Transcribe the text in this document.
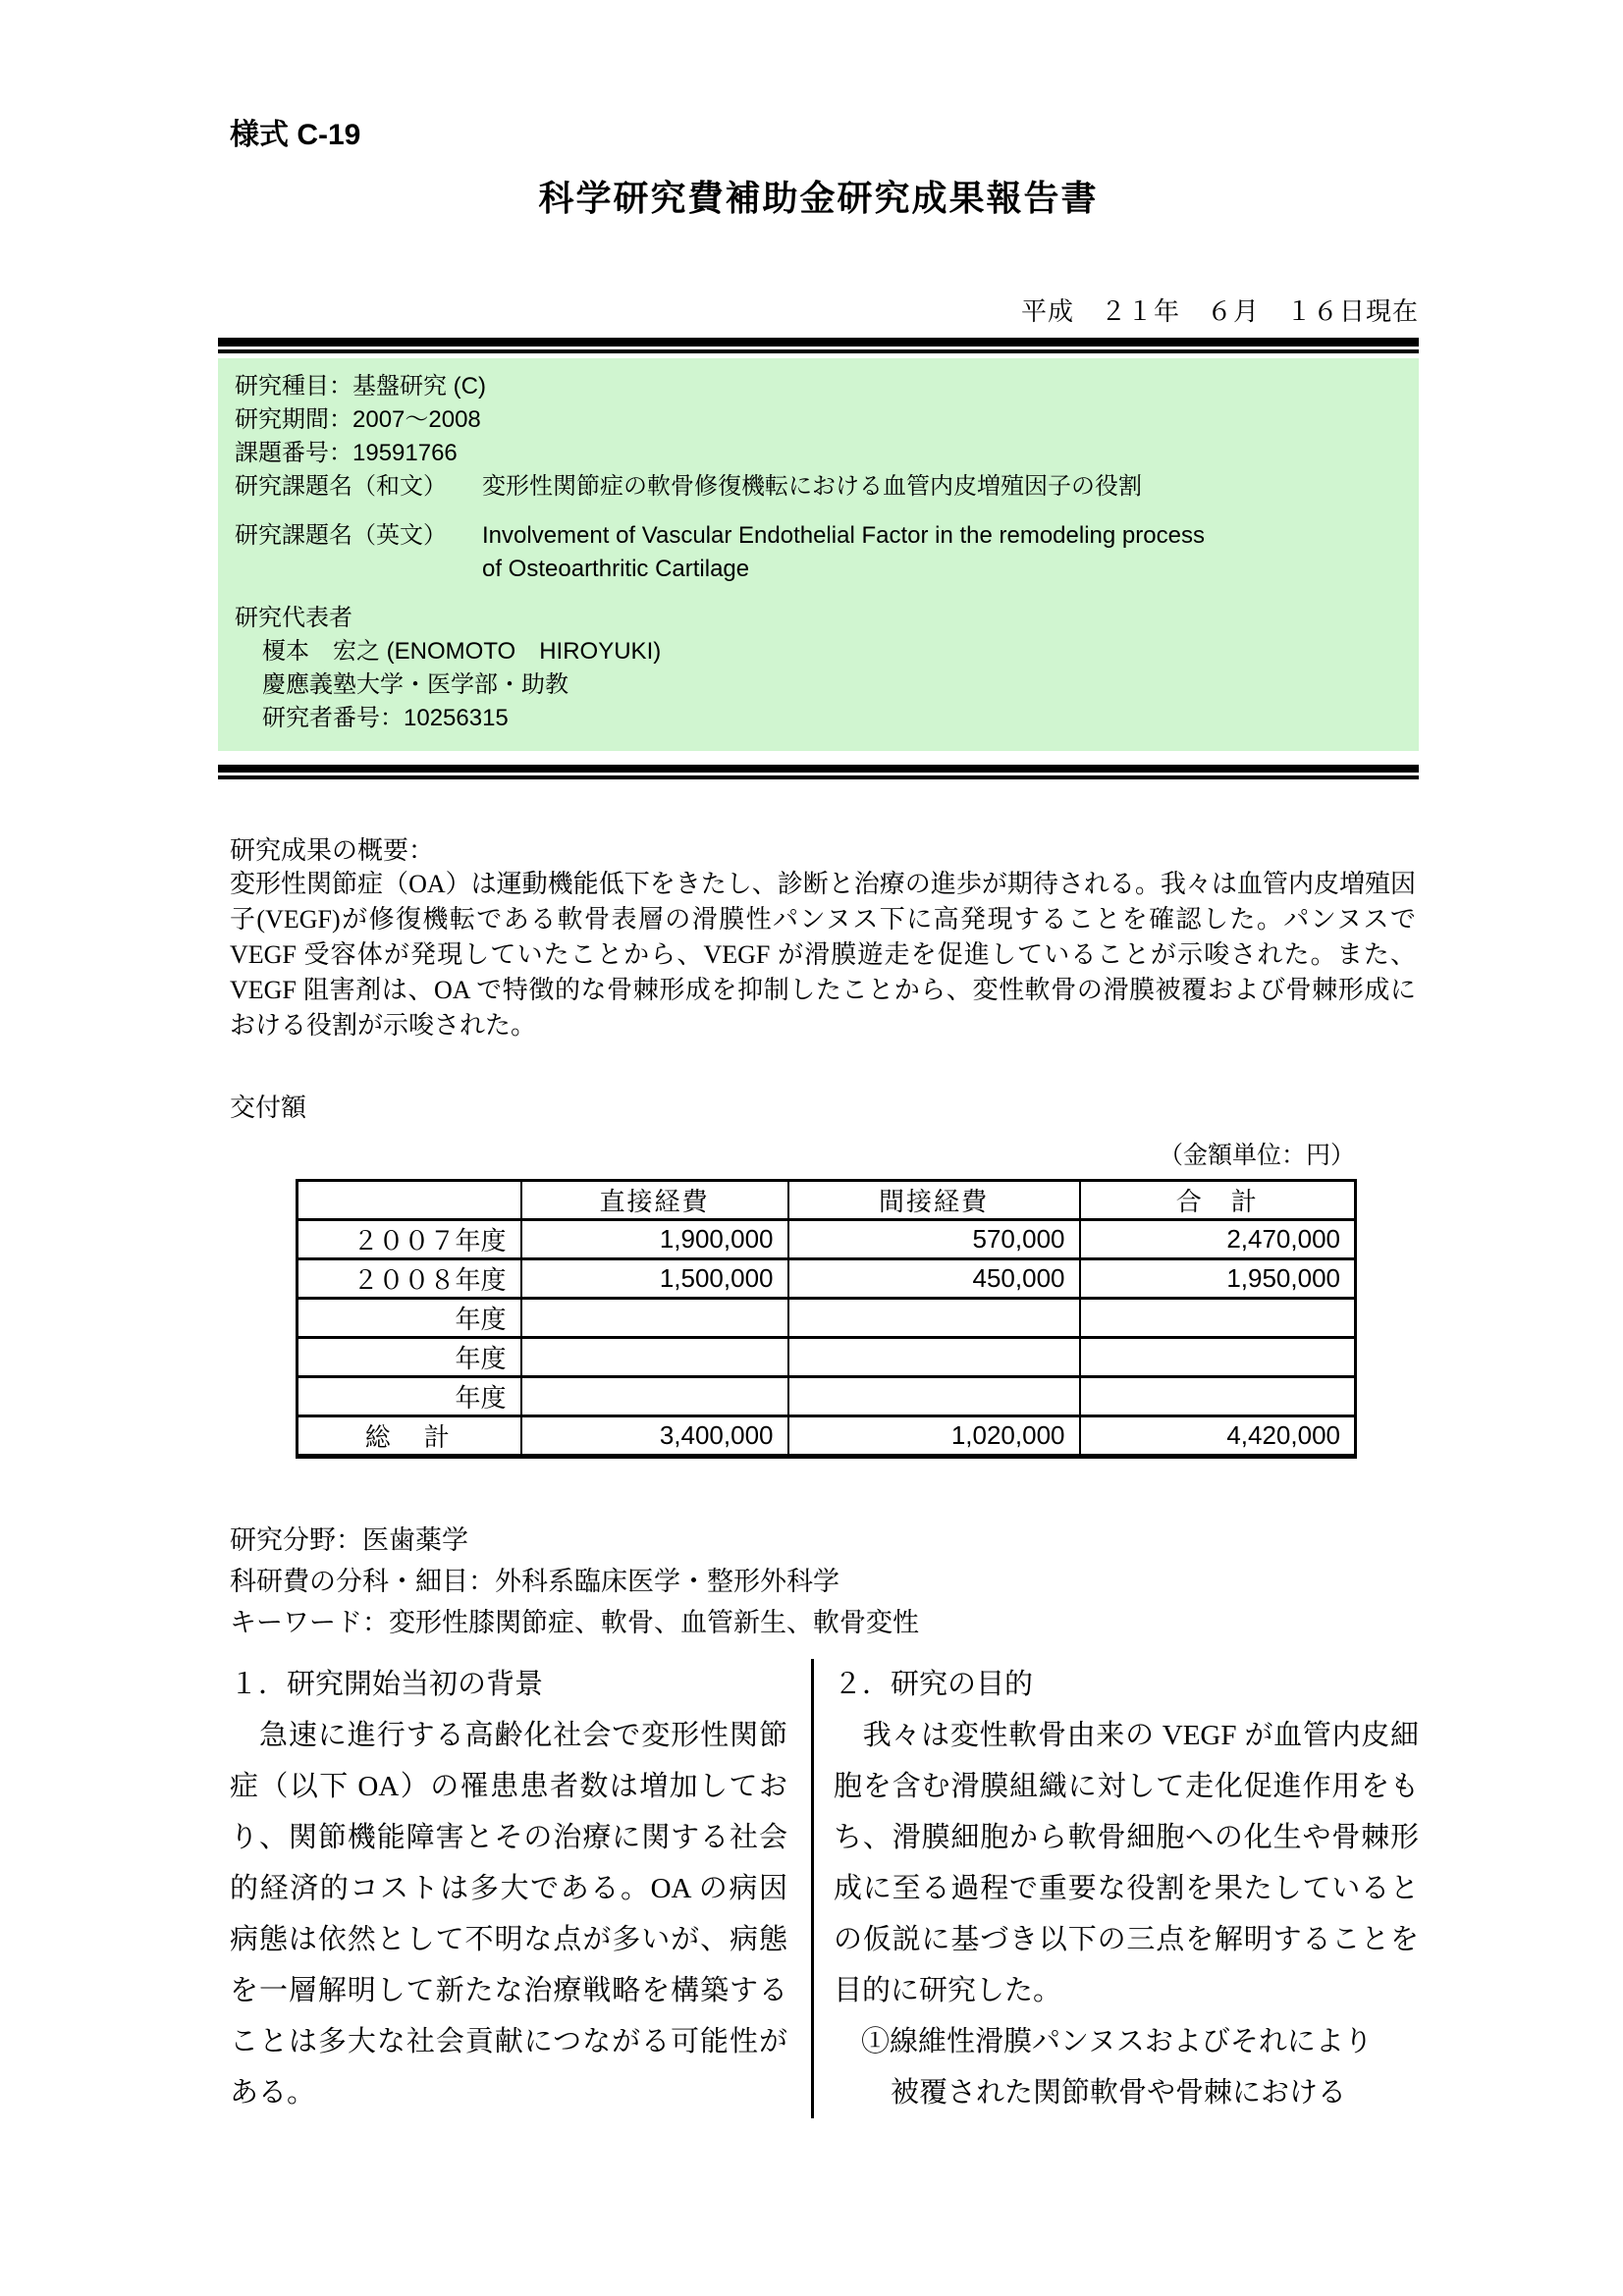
様式 C-19
科学研究費補助金研究成果報告書
平成　２１年　６月　１６日現在
研究種目：基盤研究 (C)
研究期間：2007～2008
課題番号：19591766
研究課題名（和文）	変形性関節症の軟骨修復機転における血管内皮増殖因子の役割
研究課題名（英文）	Involvement of Vascular Endothelial Factor in the remodeling process
of Osteoarthritic Cartilage
研究代表者
榎本　宏之 (ENOMOTO　HIROYUKI)
慶應義塾大学・医学部・助教
研究者番号：10256315
研究成果の概要：
変形性関節症（OA）は運動機能低下をきたし、診断と治療の進歩が期待される。我々は血管内皮増殖因子(VEGF)が修復機転である軟骨表層の滑膜性パンヌス下に高発現することを確認した。パンヌスで VEGF 受容体が発現していたことから、VEGF が滑膜遊走を促進していることが示唆された。また、VEGF 阻害剤は、OA で特徴的な骨棘形成を抑制したことから、変性軟骨の滑膜被覆および骨棘形成における役割が示唆された。
交付額
（金額単位：円）
	直接経費	間接経費	合　計
２００７年度	1,900,000	570,000	2,470,000
２００８年度	1,500,000	450,000	1,950,000
年度			
年度			
年度			
総　計	3,400,000	1,020,000	4,420,000
研究分野：医歯薬学
科研費の分科・細目：外科系臨床医学・整形外科学
キーワード：変形性膝関節症、軟骨、血管新生、軟骨変性
１．研究開始当初の背景
　急速に進行する高齢化社会で変形性関節症（以下 OA）の罹患患者数は増加しており、関節機能障害とその治療に関する社会的経済的コストは多大である。OA の病因病態は依然として不明な点が多いが、病態を一層解明して新たな治療戦略を構築することは多大な社会貢献につながる可能性がある。
２．研究の目的
　我々は変性軟骨由来の VEGF が血管内皮細胞を含む滑膜組織に対して走化促進作用をもち、滑膜細胞から軟骨細胞への化生や骨棘形成に至る過程で重要な役割を果たしているとの仮説に基づき以下の三点を解明することを目的に研究した。
①線維性滑膜パンヌスおよびそれにより
被覆された関節軟骨や骨棘における
